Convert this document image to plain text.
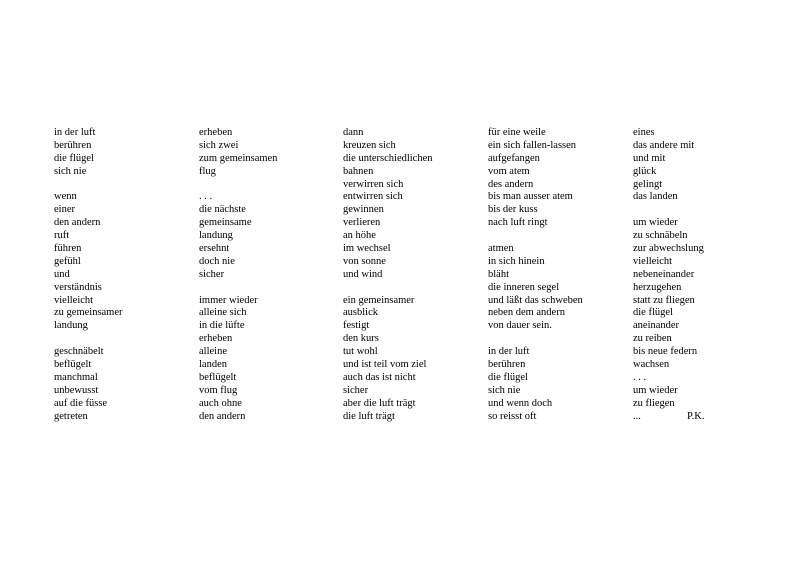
in der luft
berühren
die flügel
sich nie
wenn
einer
den andern
ruft
führen
gefühl
und
verständnis
vielleicht
zu gemeinsamer
landung
geschnäbelt
beflügelt
manchmal
unbewusst
auf die füsse
getreten
erheben
sich zwei
zum gemeinsamen
flug
. . .
die nächste
gemeinsame
landung
ersehnt
doch nie
sicher
immer wieder
alleine sich
in die lüfte
erheben
alleine
landen
beflügelt
vom flug
auch ohne
den andern
dann
kreuzen sich
die unterschiedlichen
bahnen
verwirren sich
entwirren sich
gewinnen
verlieren
an höhe
im wechsel
von sonne
und wind
ein gemeinsamer
ausblick
festigt
den kurs
tut wohl
und ist teil vom ziel
auch das ist nicht
sicher
aber die luft trägt
die luft trägt
für eine weile
ein sich fallen-lassen
aufgefangen
vom atem
des andern
bis man ausser atem
bis der kuss
nach luft ringt
atmen
in sich hinein
bläht
die inneren segel
und läßt das schweben
neben dem andern
von dauer sein.
in der luft
berühren
die flügel
sich nie
und wenn doch
so reisst oft
eines
das andere mit
und mit
glück
gelingt
das landen
um wieder
zu schnäbeln
zur abwechslung
vielleicht
nebeneinander
herzugehen
statt zu fliegen
die flügel
aneinander
zu reiben
bis neue federn
wachsen
. . .
um wieder
zu fliegen
...	P.K.
